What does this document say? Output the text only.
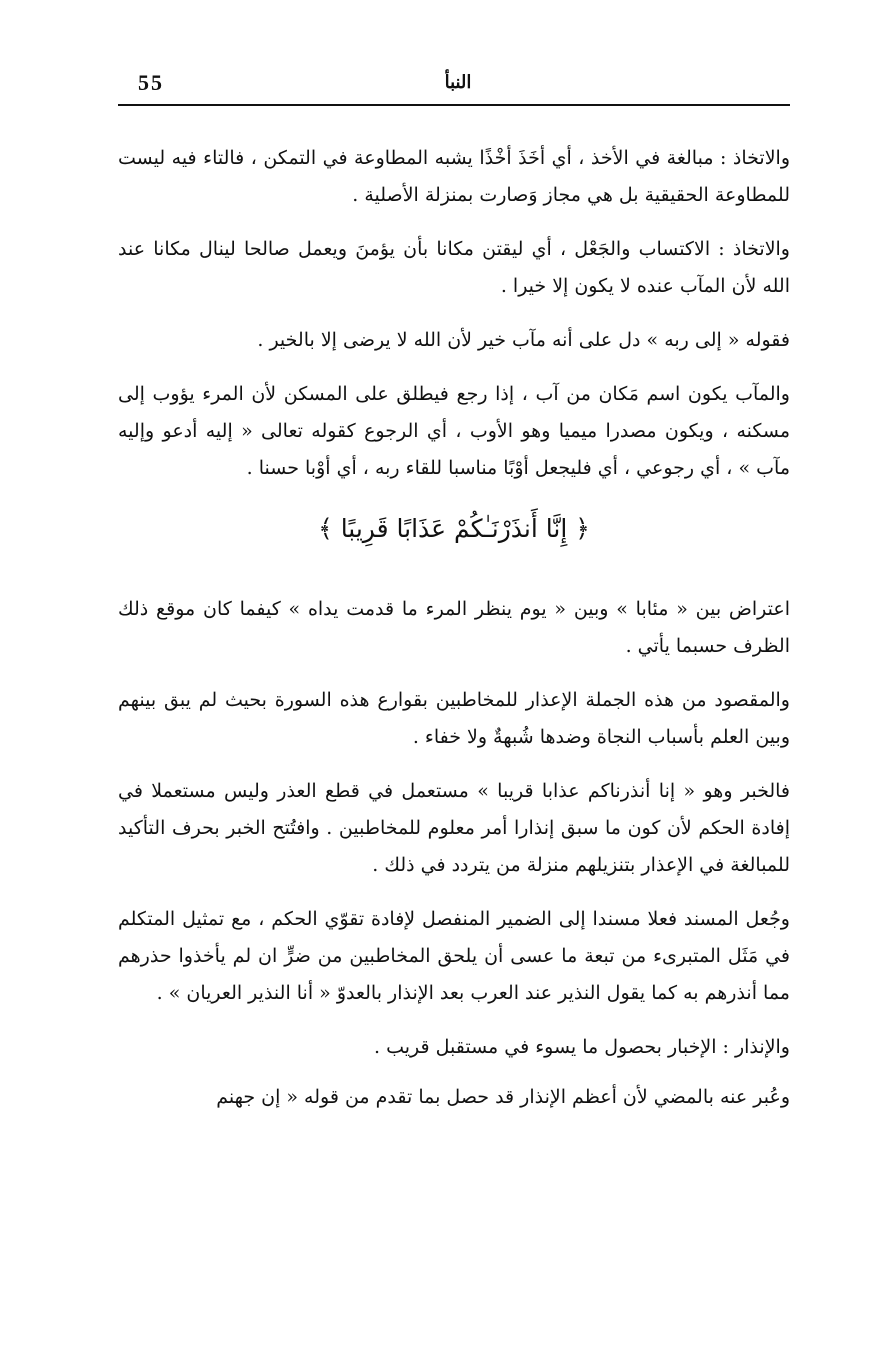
55	النبأ

والاتخاذ : مبالغة في الأخذ ، أي أخَذَ أخْذًا يشبه المطاوعة في التمكن ، فالتاء فيه ليست للمطاوعة الحقيقية بل هي مجاز وَصارت بمنزلة الأصلية .

والاتخاذ : الاكتساب والجَعْل ، أي ليقتن مكانا بأن يؤمنَ ويعمل صالحا لينال مكانا عند الله لأن المآب عنده لا يكون إلا خيرا .

فقوله « إلى ربه » دل على أنه مآب خير لأن الله لا يرضى إلا بالخير .

والمآب يكون اسم مَكان من آب ، إذا رجع فيطلق على المسكن لأن المرء يؤوب إلى مسكنه ، ويكون مصدرا ميميا وهو الأوب ، أي الرجوع كقوله تعالى « إليه أدعو وإليه مآب » ، أي رجوعي ، أي فليجعل أوْبًا مناسبا للقاء ربه ، أي أوْبا حسنا .

﴿ إِنَّا أَنذَرْنَـٰكُمْ عَذَابًا قَرِيبًا ﴾

اعتراض بين « مئابا » وبين « يوم ينظر المرء ما قدمت يداه » كيفما كان موقع ذلك الظرف حسبما يأتي .

والمقصود من هذه الجملة الإعذار للمخاطبين بقوارع هذه السورة بحيث لم يبق بينهم وبين العلم بأسباب النجاة وضدها شُبهةٌ ولا خفاء .

فالخبر وهو « إنا أنذرناكم عذابا قريبا » مستعمل في قطع العذر وليس مستعملا في إفادة الحكم لأن كون ما سبق إنذارا أمر معلوم للمخاطبين . وافتُتح الخبر بحرف التأكيد للمبالغة في الإعذار بتنزيلهم منزلة من يتردد في ذلك .

وجُعل المسند فعلا مسندا إلى الضمير المنفصل لإفادة تقوّي الحكم ، مع تمثيل المتكلم في مَثَل المتبرىء من تبعة ما عسى أن يلحق المخاطبين من ضرٍّ ان لم يأخذوا حذرهم مما أنذرهم به كما يقول النذير عند العرب بعد الإنذار بالعدوّ « أنا النذير العريان » .

والإنذار : الإخبار بحصول ما يسوء في مستقبل قريب .

وعُبر عنه بالمضي لأن أعظم الإنذار قد حصل بما تقدم من قوله « إن جهنم
